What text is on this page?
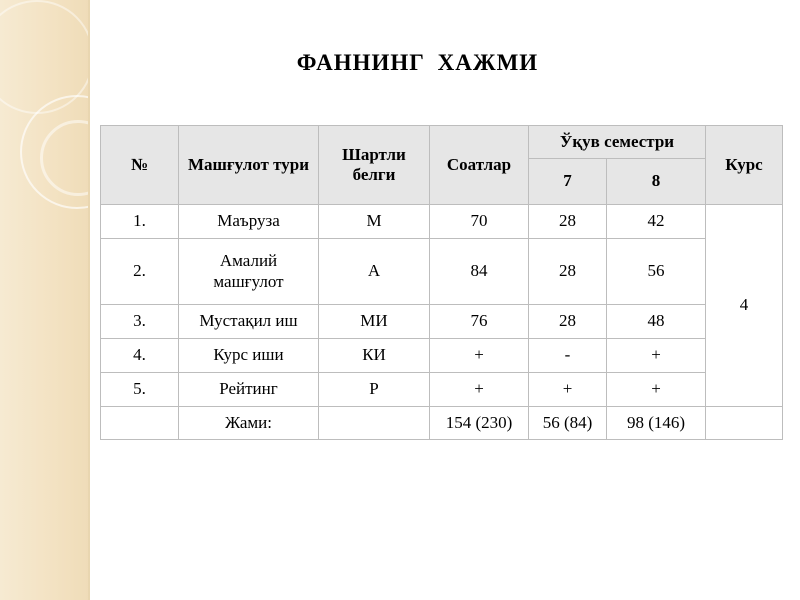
ФАННИНГ ХАЖМИ
№	Машғулот тури	Шартли белги	Соатлар	Ўқув семестри		Курс
				7	8	
1.	Маъруза	М	70	28	42	4
2.	Амалий машғулот	А	84	28	56	
3.	Мустақил иш	МИ	76	28	48	
4.	Курс иши	КИ	+	-	+	
5.	Рейтинг	Р	+	+	+	
	Жами:		154 (230)	56 (84)	98 (146)	
